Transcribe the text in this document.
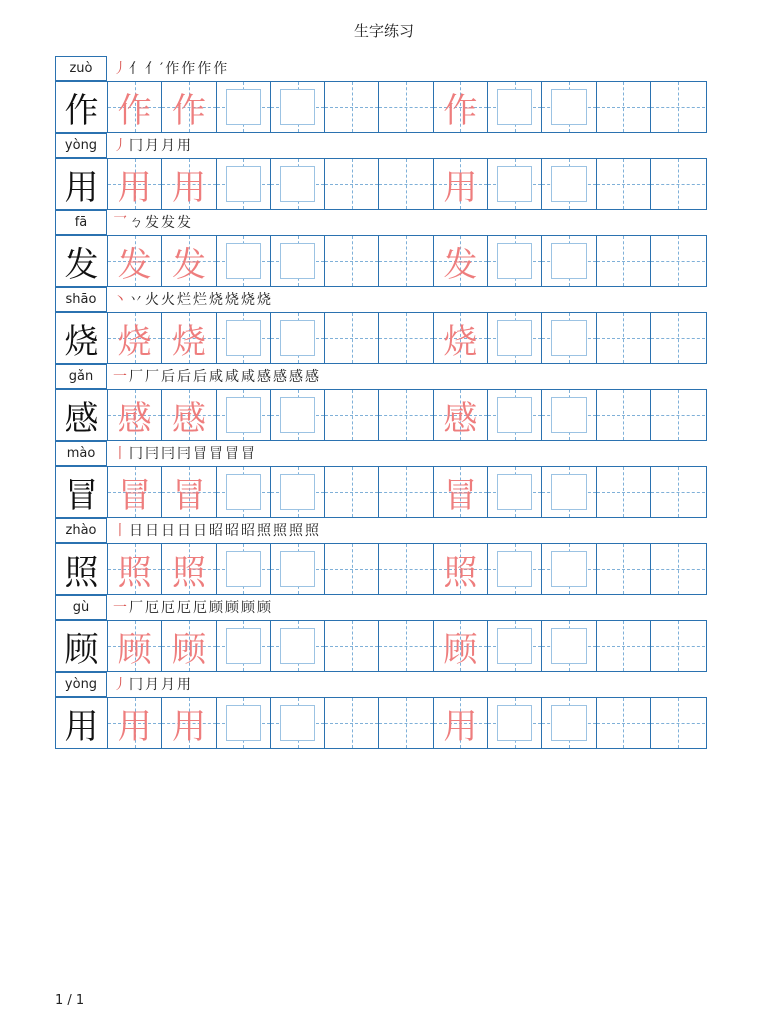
生字练习
zuò	丿亻亻′作作作作
作 作 作	作
yòng	丿冂月月用
用 用 用	用
fā	乛ㄅ发发发
发 发 发	发
shāo	丶丷火火烂烂烧烧烧烧
烧 烧 烧	烧
gǎn	一厂厂后后后咸咸咸感感感感
感 感 感	感
mào	丨冂冃冃冃冒冒冒冒
冒 冒 冒	冒
zhào	丨日日日日日昭昭昭照照照照
照 照 照	照
gù	一厂厄厄厄厄顾顾顾顾
顾 顾 顾	顾
yòng	丿冂月月用
用 用 用	用
1 / 1
